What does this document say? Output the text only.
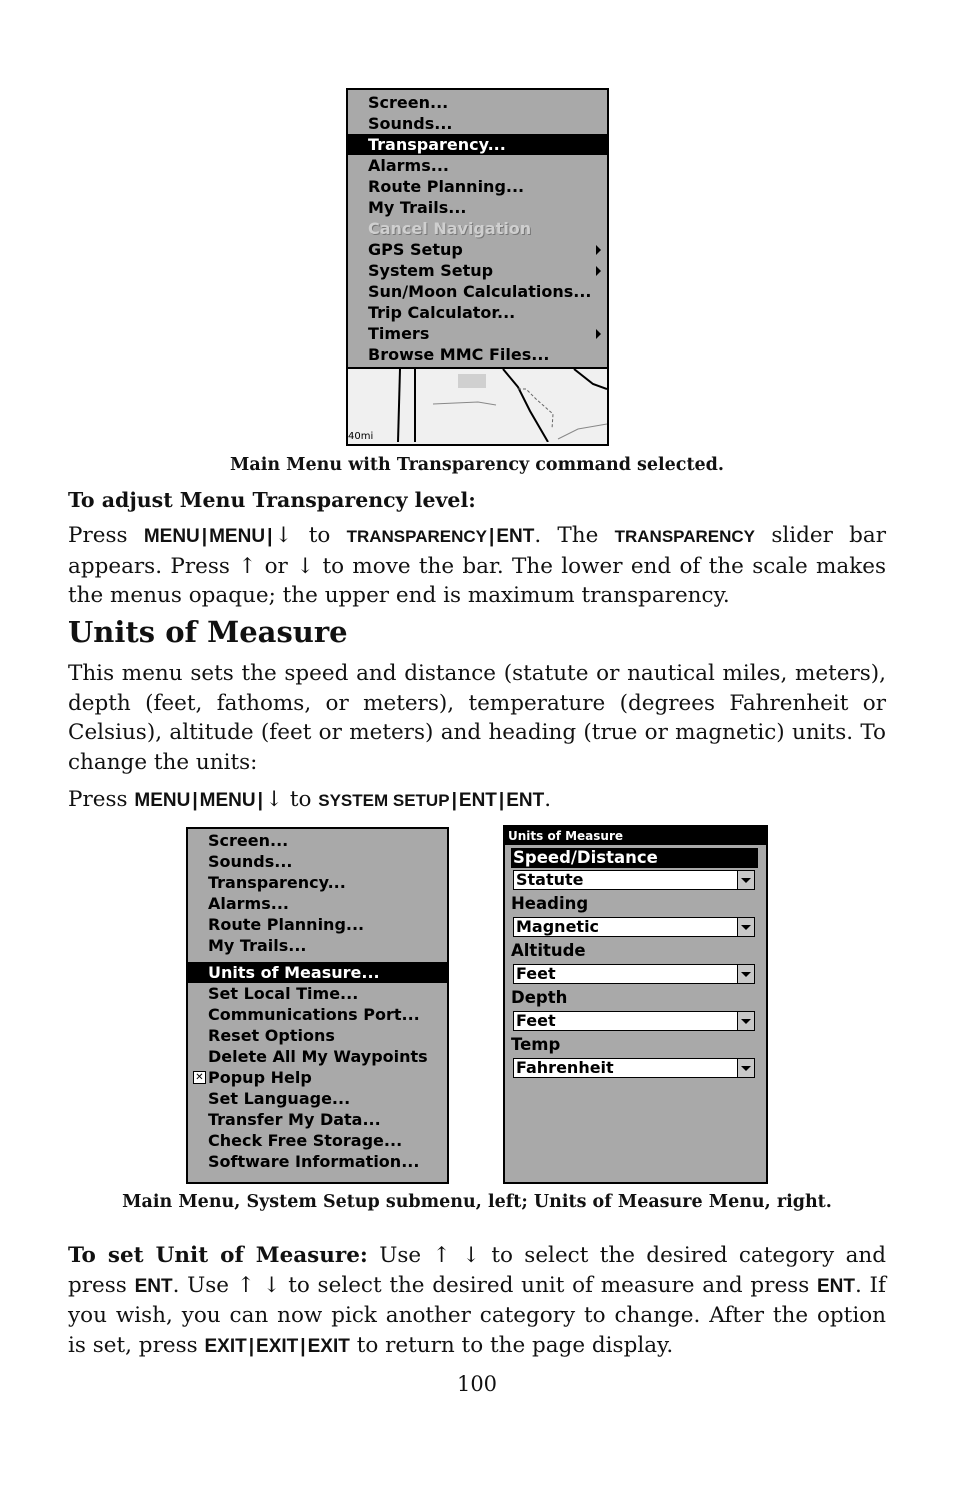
Screen...
Sounds...
Transparency...
Alarms...
Route Planning...
My Trails...
Cancel Navigation
GPS Setup
System Setup
Sun/Moon Calculations...
Trip Calculator...
Timers
Browse MMC Files...
40mi
Main Menu with Transparency command selected.
To adjust Menu Transparency level:
Press MENU | MENU |↓ to TRANSPARENCY | ENT. The TRANSPARENCY slider bar appears. Press ↑ or ↓ to move the bar. The lower end of the scale makes the menus opaque; the upper end is maximum transparency.
Units of Measure
This menu sets the speed and distance (statute or nautical miles, meters), depth (feet, fathoms, or meters), temperature (degrees Fahrenheit or Celsius), altitude (feet or meters) and heading (true or magnetic) units. To change the units:
Press MENU | MENU |↓ to SYSTEM SETUP | ENT | ENT.
Screen...
Sounds...
Transparency...
Alarms...
Route Planning...
My Trails...
Units of Measure...
Set Local Time...
Communications Port...
Reset Options
Delete All My Waypoints
✕ Popup Help
Set Language...
Transfer My Data...
Check Free Storage...
Software Information...
Units of Measure
Speed/Distance
Statute
Heading
Magnetic
Altitude
Feet
Depth
Feet
Temp
Fahrenheit
Main Menu, System Setup submenu, left; Units of Measure Menu, right.
To set Unit of Measure: Use ↑ ↓ to select the desired category and press ENT. Use ↑ ↓ to select the desired unit of measure and press ENT. If you wish, you can now pick another category to change. After the option is set, press EXIT | EXIT | EXIT to return to the page display.
100
